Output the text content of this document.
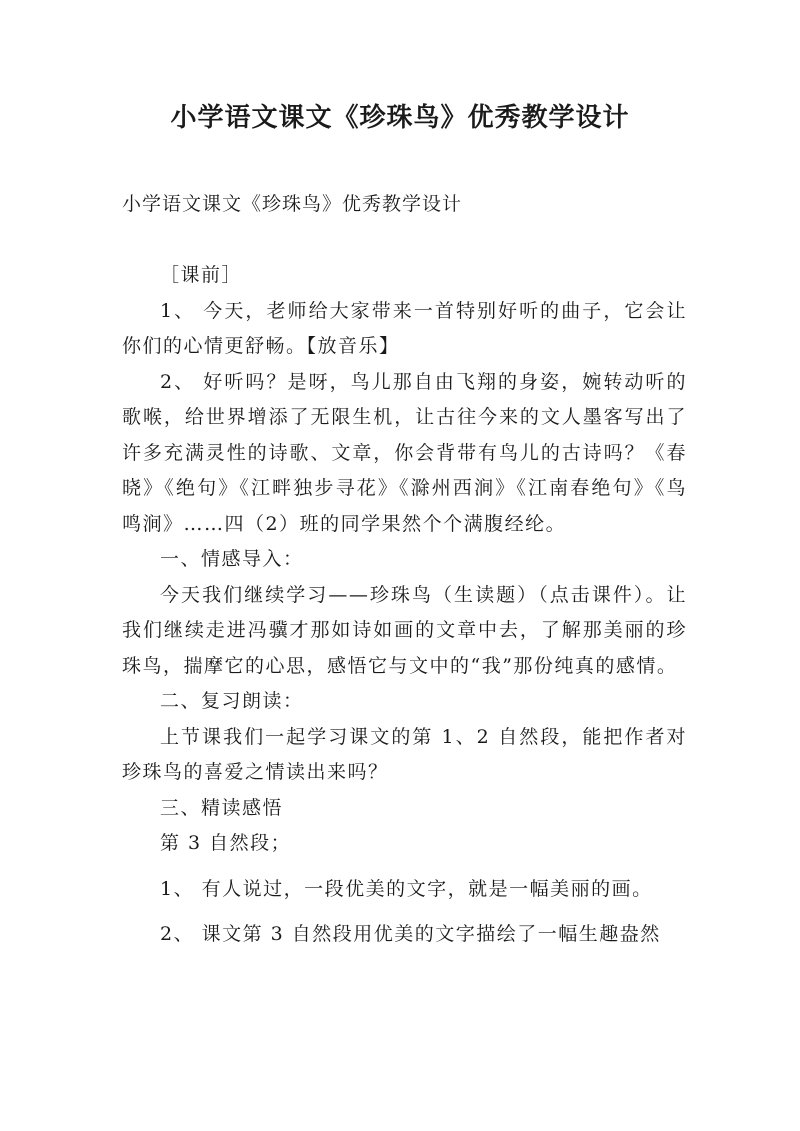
小学语文课文《珍珠鸟》优秀教学设计
小学语文课文《珍珠鸟》优秀教学设计

［课前］

1、 今天，老师给大家带来一首特别好听的曲子，它会让你们的心情更舒畅。【放音乐】

2、 好听吗？是呀，鸟儿那自由飞翔的身姿，婉转动听的歌喉，给世界增添了无限生机，让古往今来的文人墨客写出了许多充满灵性的诗歌、文章，你会背带有鸟儿的古诗吗？《春晓》《绝句》《江畔独步寻花》《滁州西涧》《江南春绝句》《鸟鸣涧》……四（2）班的同学果然个个满腹经纶。

一、情感导入：

今天我们继续学习——珍珠鸟（生读题）（点击课件）。让我们继续走进冯骥才那如诗如画的文章中去，了解那美丽的珍珠鸟，揣摩它的心思，感悟它与文中的“我”那份纯真的感情。

二、复习朗读：

上节课我们一起学习课文的第 1、2 自然段，能把作者对珍珠鸟的喜爱之情读出来吗？

三、精读感悟

第 3 自然段；

1、 有人说过，一段优美的文字，就是一幅美丽的画。

2、 课文第 3 自然段用优美的文字描绘了一幅生趣盎然
